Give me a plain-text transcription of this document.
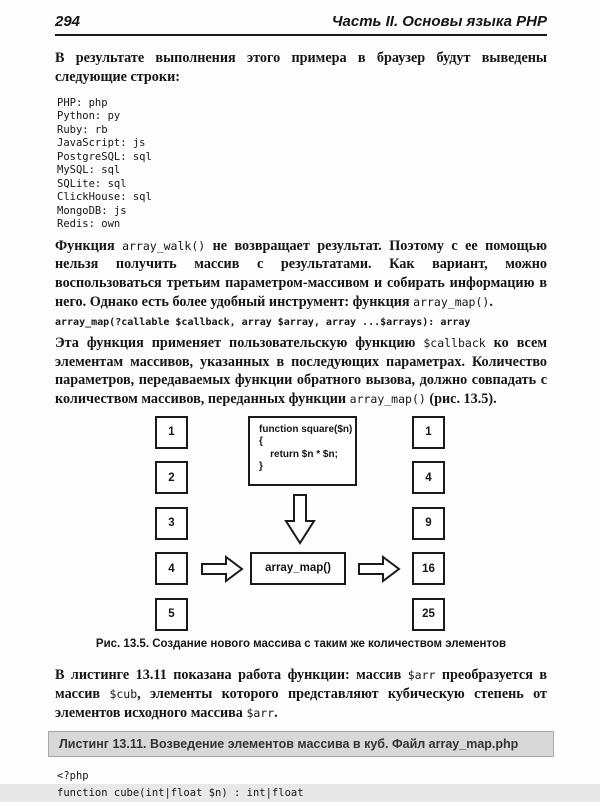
294	Часть II. Основы языка PHP

В результате выполнения этого примера в браузер будут выведены следующие строки:

PHP: php
Python: py
Ruby: rb
JavaScript: js
PostgreSQL: sql
MySQL: sql
SQLite: sql
ClickHouse: sql
MongoDB: js
Redis: own

Функция array_walk() не возвращает результат. Поэтому с ее помощью нельзя получить массив с результатами. Как вариант, можно воспользоваться третьим параметром-массивом и собирать информацию в него. Однако есть более удобный инструмент: функция array_map().

array_map(?callable $callback, array $array, array ...$arrays): array

Эта функция применяет пользовательскую функцию $callback ко всем элементам массивов, указанных в последующих параметрах. Количество параметров, передаваемых функции обратного вызова, должно совпадать с количеством массивов, переданных функции array_map() (рис. 13.5).

1
2
3
4
5
function square($n)
{
return $n * $n;
}
array_map()
1
4
9
16
25
Рис. 13.5. Создание нового массива с таким же количеством элементов

В листинге 13.11 показана работа функции: массив $arr преобразуется в массив $cub, элементы которого представляют кубическую степень от элементов исходного массива $arr.

Листинг 13.11. Возведение элементов массива в куб. Файл array_map.php
<?php
function cube(int|float $n) : int|float
